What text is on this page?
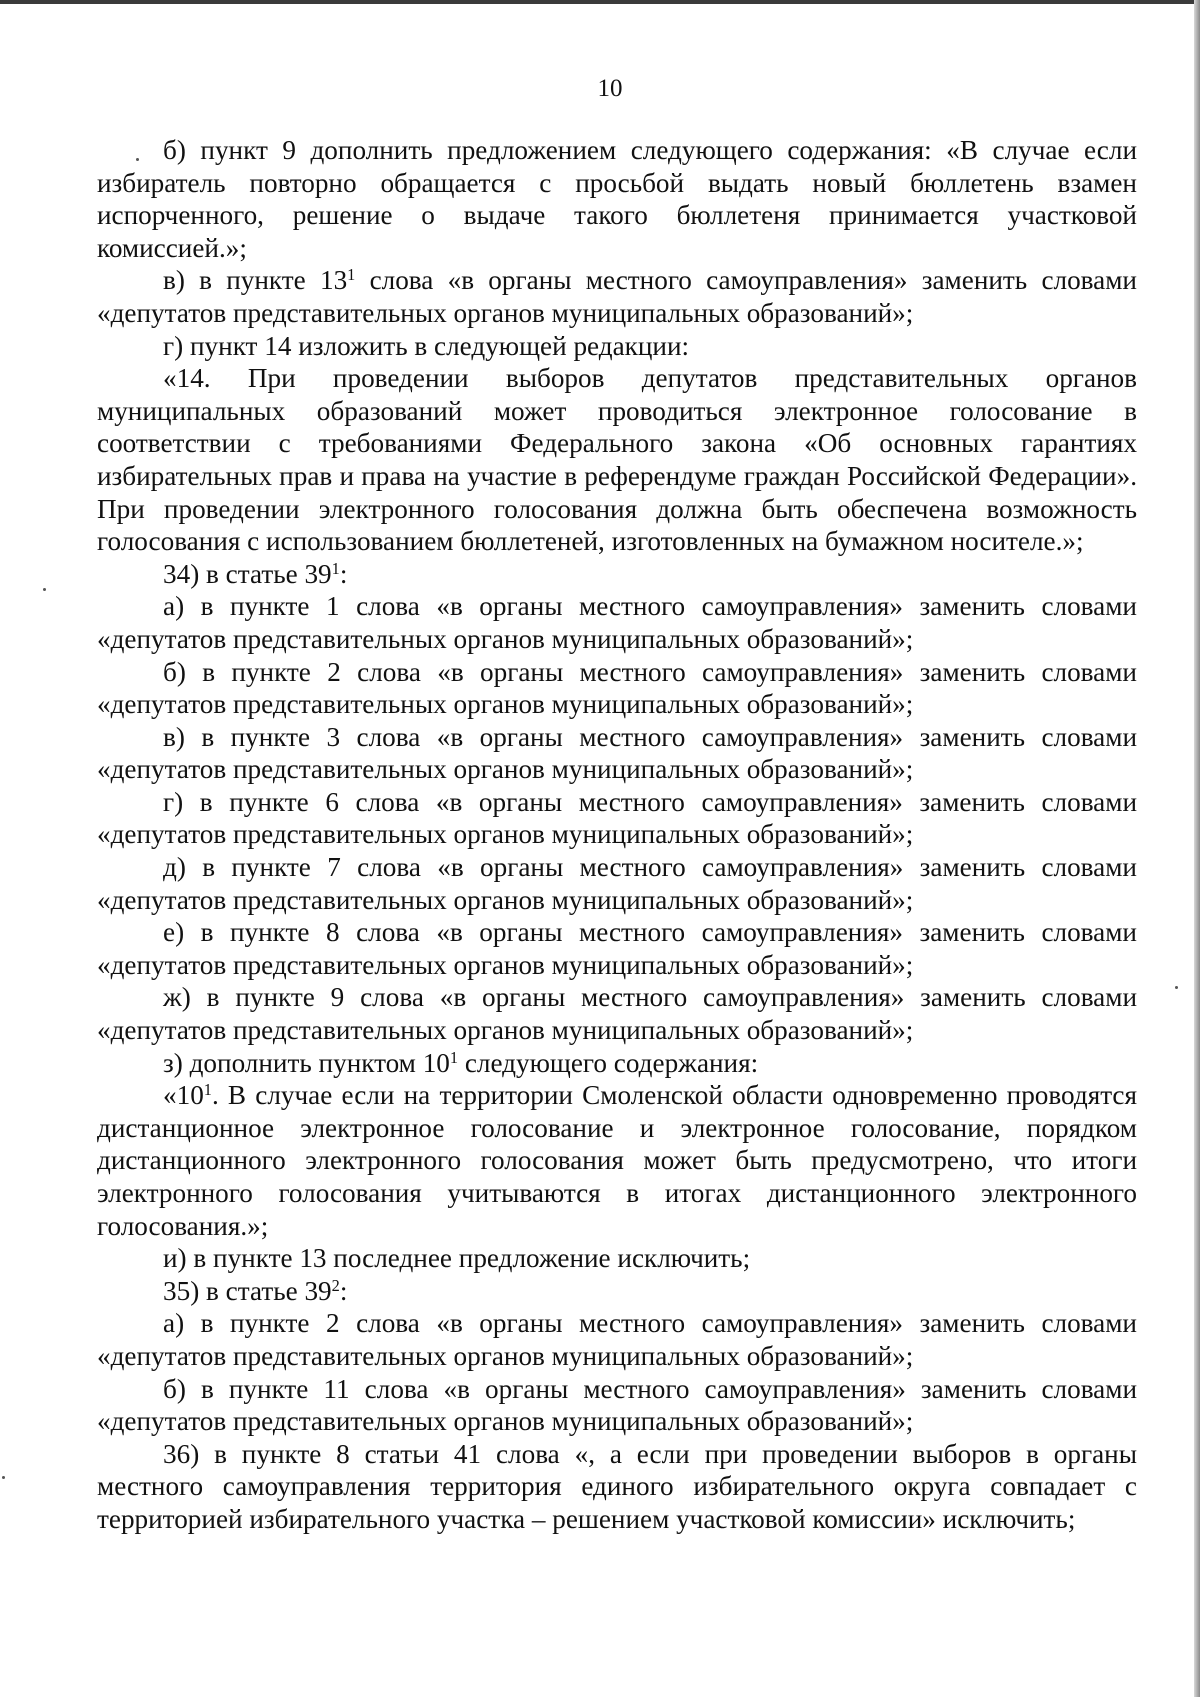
10

б) пункт 9 дополнить предложением следующего содержания: «В случае если избиратель повторно обращается с просьбой выдать новый бюллетень взамен испорченного, решение о выдаче такого бюллетеня принимается участковой комиссией.»;

в) в пункте $13^1$ слова «в органы местного самоуправления» заменить словами «депутатов представительных органов муниципальных образований»;

г) пункт 14 изложить в следующей редакции:

«14. При проведении выборов депутатов представительных органов муниципальных образований может проводиться электронное голосование в соответствии с требованиями Федерального закона «Об основных гарантиях избирательных прав и права на участие в референдуме граждан Российской Федерации». При проведении электронного голосования должна быть обеспечена возможность голосования с использованием бюллетеней, изготовленных на бумажном носителе.»;

34) в статье $39^1$:

а) в пункте 1 слова «в органы местного самоуправления» заменить словами «депутатов представительных органов муниципальных образований»;

б) в пункте 2 слова «в органы местного самоуправления» заменить словами «депутатов представительных органов муниципальных образований»;

в) в пункте 3 слова «в органы местного самоуправления» заменить словами «депутатов представительных органов муниципальных образований»;

г) в пункте 6 слова «в органы местного самоуправления» заменить словами «депутатов представительных органов муниципальных образований»;

д) в пункте 7 слова «в органы местного самоуправления» заменить словами «депутатов представительных органов муниципальных образований»;

е) в пункте 8 слова «в органы местного самоуправления» заменить словами «депутатов представительных органов муниципальных образований»;

ж) в пункте 9 слова «в органы местного самоуправления» заменить словами «депутатов представительных органов муниципальных образований»;

з) дополнить пунктом $10^1$ следующего содержания:

«$10^1$. В случае если на территории Смоленской области одновременно проводятся дистанционное электронное голосование и электронное голосование, порядком дистанционного электронного голосования может быть предусмотрено, что итоги электронного голосования учитываются в итогах дистанционного электронного голосования.»;

и) в пункте 13 последнее предложение исключить;

35) в статье $39^2$:

а) в пункте 2 слова «в органы местного самоуправления» заменить словами «депутатов представительных органов муниципальных образований»;

б) в пункте 11 слова «в органы местного самоуправления» заменить словами «депутатов представительных органов муниципальных образований»;

36) в пункте 8 статьи 41 слова «, а если при проведении выборов в органы местного самоуправления территория единого избирательного округа совпадает с территорией избирательного участка – решением участковой комиссии» исключить;
